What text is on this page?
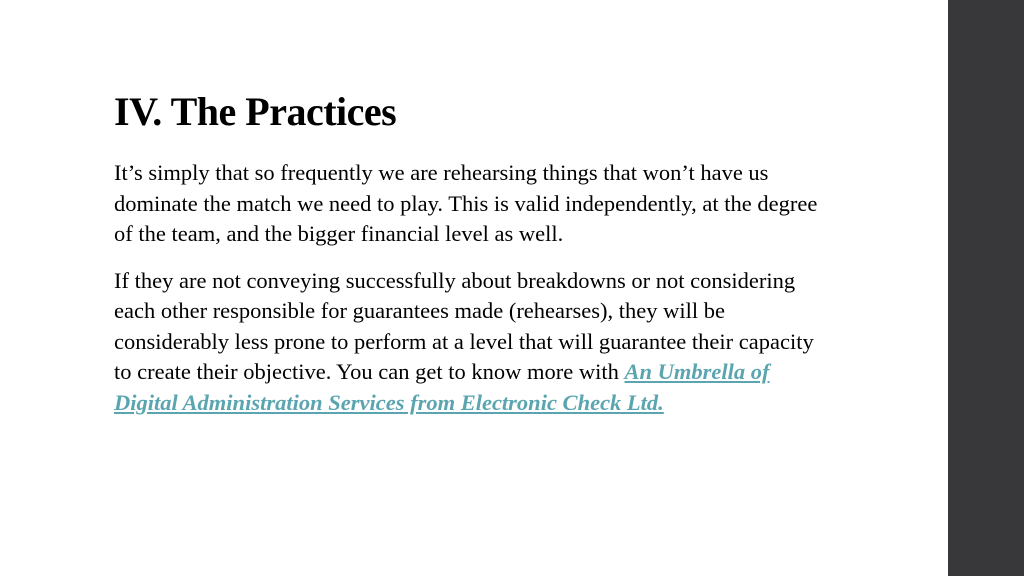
IV. The Practices

It’s simply that so frequently we are rehearsing things that won’t have us dominate the match we need to play. This is valid independently, at the degree of the team, and the bigger financial level as well.

If they are not conveying successfully about breakdowns or not considering each other responsible for guarantees made (rehearses), they will be considerably less prone to perform at a level that will guarantee their capacity to create their objective. You can get to know more with An Umbrella of Digital Administration Services from Electronic Check Ltd.
